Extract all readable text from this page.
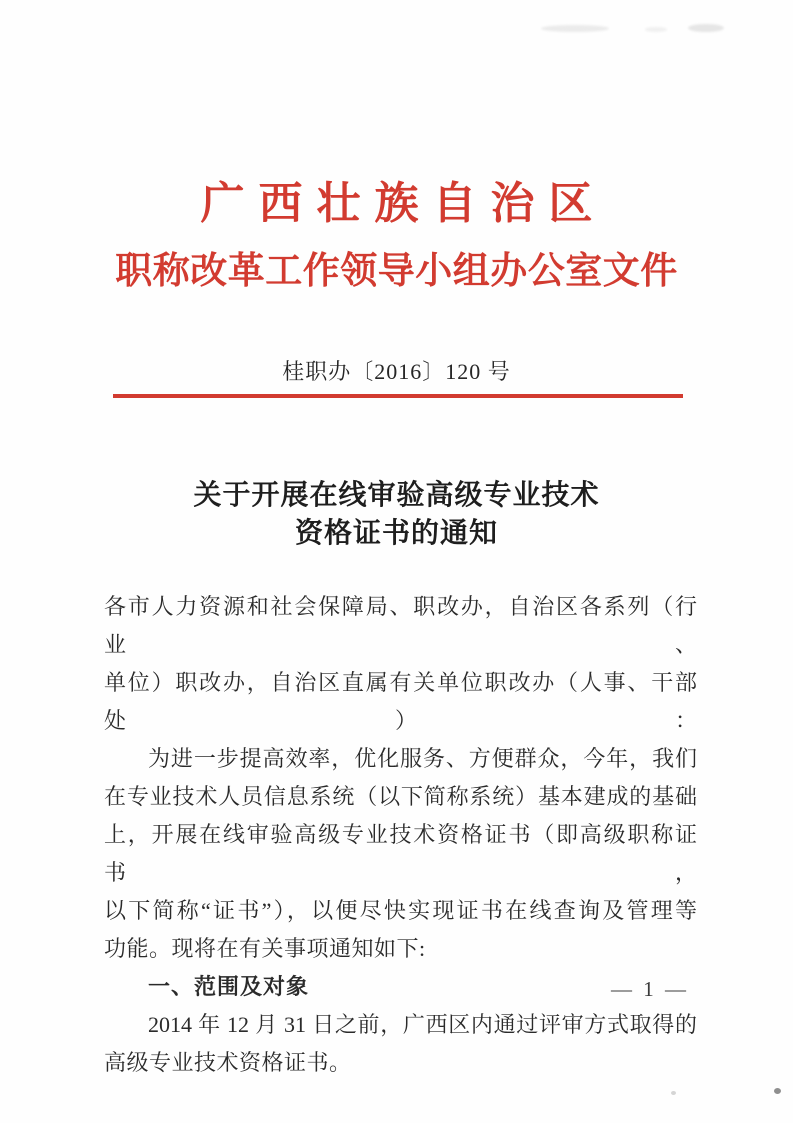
广西壮族自治区
职称改革工作领导小组办公室文件
桂职办〔2016〕120 号
关于开展在线审验高级专业技术
资格证书的通知
各市人力资源和社会保障局、职改办，自治区各系列（行业、
单位）职改办，自治区直属有关单位职改办（人事、干部处）：
为进一步提高效率，优化服务、方便群众，今年，我们
在专业技术人员信息系统（以下简称系统）基本建成的基础
上，开展在线审验高级专业技术资格证书（即高级职称证书，
以下简称“证书”），以便尽快实现证书在线查询及管理等
功能。现将在有关事项通知如下:
一、范围及对象
2014 年 12 月 31 日之前，广西区内通过评审方式取得的
高级专业技术资格证书。
— 1 —
